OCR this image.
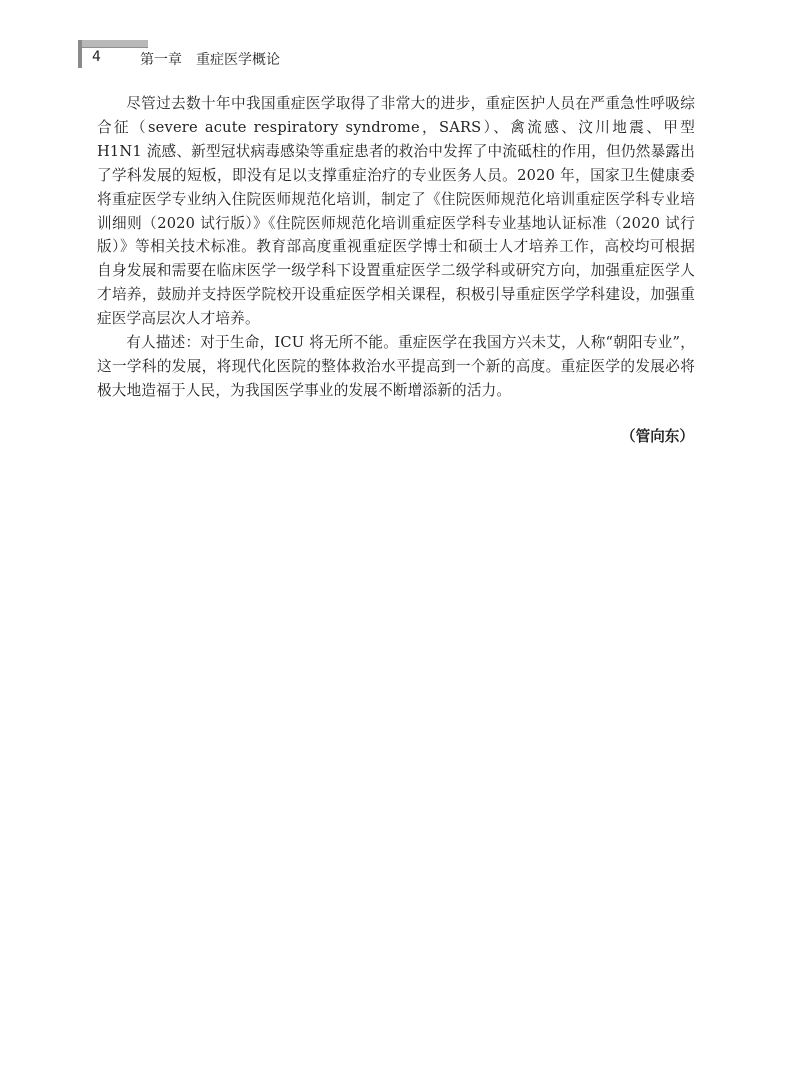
4	第一章　重症医学概论

尽管过去数十年中我国重症医学取得了非常大的进步，重症医护人员在严重急性呼吸综合征（severe acute respiratory syndrome，SARS）、禽流感、汶川地震、甲型 H1N1 流感、新型冠状病毒感染等重症患者的救治中发挥了中流砥柱的作用，但仍然暴露出了学科发展的短板，即没有足以支撑重症治疗的专业医务人员。2020 年，国家卫生健康委将重症医学专业纳入住院医师规范化培训，制定了《住院医师规范化培训重症医学科专业培训细则（2020 试行版）》《住院医师规范化培训重症医学科专业基地认证标准（2020 试行版）》等相关技术标准。教育部高度重视重症医学博士和硕士人才培养工作，高校均可根据自身发展和需要在临床医学一级学科下设置重症医学二级学科或研究方向，加强重症医学人才培养，鼓励并支持医学院校开设重症医学相关课程，积极引导重症医学学科建设，加强重症医学高层次人才培养。

有人描述：对于生命，ICU 将无所不能。重症医学在我国方兴未艾，人称“朝阳专业”，这一学科的发展，将现代化医院的整体救治水平提高到一个新的高度。重症医学的发展必将极大地造福于人民，为我国医学事业的发展不断增添新的活力。

（管向东）
